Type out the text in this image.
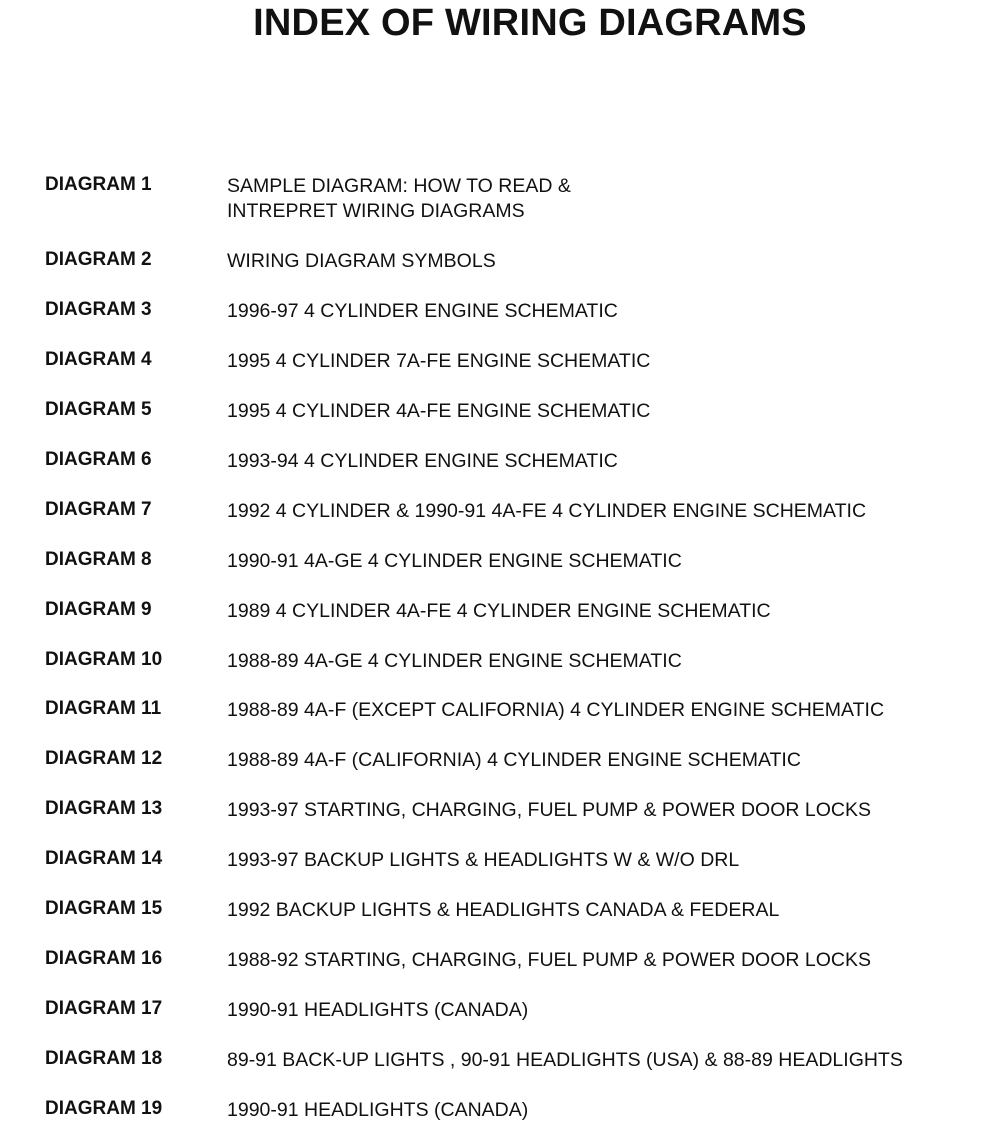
INDEX OF WIRING DIAGRAMS
DIAGRAM 1	SAMPLE DIAGRAM: HOW TO READ &
INTREPRET WIRING DIAGRAMS
DIAGRAM 2	WIRING DIAGRAM SYMBOLS
DIAGRAM 3	1996-97 4 CYLINDER ENGINE SCHEMATIC
DIAGRAM 4	1995 4 CYLINDER 7A-FE ENGINE SCHEMATIC
DIAGRAM 5	1995 4 CYLINDER 4A-FE ENGINE SCHEMATIC
DIAGRAM 6	1993-94 4 CYLINDER ENGINE SCHEMATIC
DIAGRAM 7	1992 4 CYLINDER & 1990-91 4A-FE 4 CYLINDER ENGINE SCHEMATIC
DIAGRAM 8	1990-91 4A-GE 4 CYLINDER ENGINE SCHEMATIC
DIAGRAM 9	1989 4 CYLINDER 4A-FE 4 CYLINDER ENGINE SCHEMATIC
DIAGRAM 10	1988-89 4A-GE 4 CYLINDER ENGINE SCHEMATIC
DIAGRAM 11	1988-89 4A-F (EXCEPT CALIFORNIA) 4 CYLINDER ENGINE SCHEMATIC
DIAGRAM 12	1988-89 4A-F (CALIFORNIA) 4 CYLINDER ENGINE SCHEMATIC
DIAGRAM 13	1993-97 STARTING, CHARGING, FUEL PUMP & POWER DOOR LOCKS
DIAGRAM 14	1993-97 BACKUP LIGHTS & HEADLIGHTS W & W/O DRL
DIAGRAM 15	1992 BACKUP LIGHTS & HEADLIGHTS CANADA & FEDERAL
DIAGRAM 16	1988-92 STARTING, CHARGING, FUEL PUMP & POWER DOOR LOCKS
DIAGRAM 17	1990-91 HEADLIGHTS (CANADA)
DIAGRAM 18	89-91 BACK-UP LIGHTS , 90-91 HEADLIGHTS (USA) & 88-89 HEADLIGHTS
DIAGRAM 19	1990-91 HEADLIGHTS (CANADA)
